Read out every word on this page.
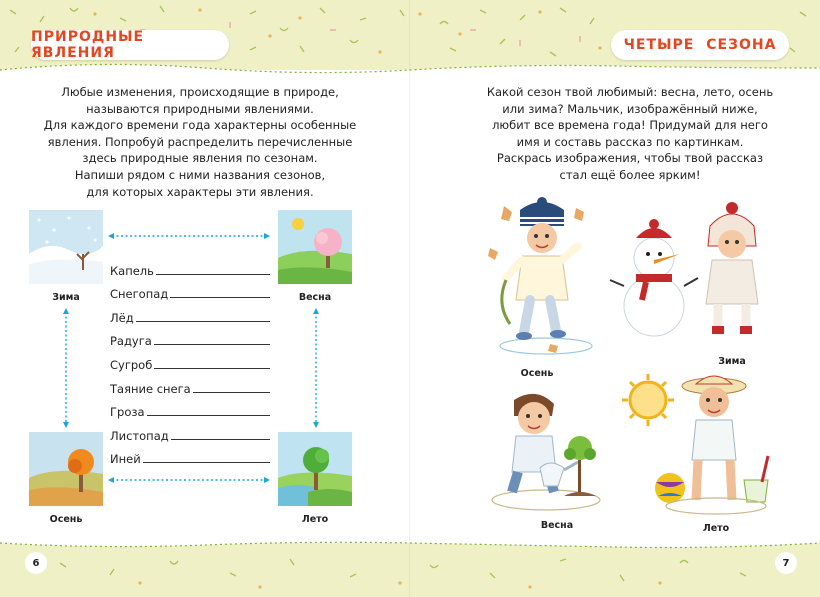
ПРИРОДНЫЕ ЯВЛЕНИЯ	ЧЕТЫРЕ СЕЗОНА
Любые изменения, происходящие в природе,
называются природными явлениями.
Для каждого времени года характерны особенные
явления. Попробуй распределить перечисленные
здесь природные явления по сезонам.
Напиши рядом с ними названия сезонов,
для которых характеры эти явления.
Какой сезон твой любимый: весна, лето, осень
или зима? Мальчик, изображённый ниже,
любит все времена года! Придумай для него
имя и составь рассказ по картинкам.
Раскрась изображения, чтобы твой рассказ
стал ещё более ярким!
Зима	Весна
Осень	Лето
Капель
Снегопад
Лёд
Радуга
Сугроб
Таяние снега
Гроза
Листопад
Иней
Осень
Зима
Весна	Лето
6	7
